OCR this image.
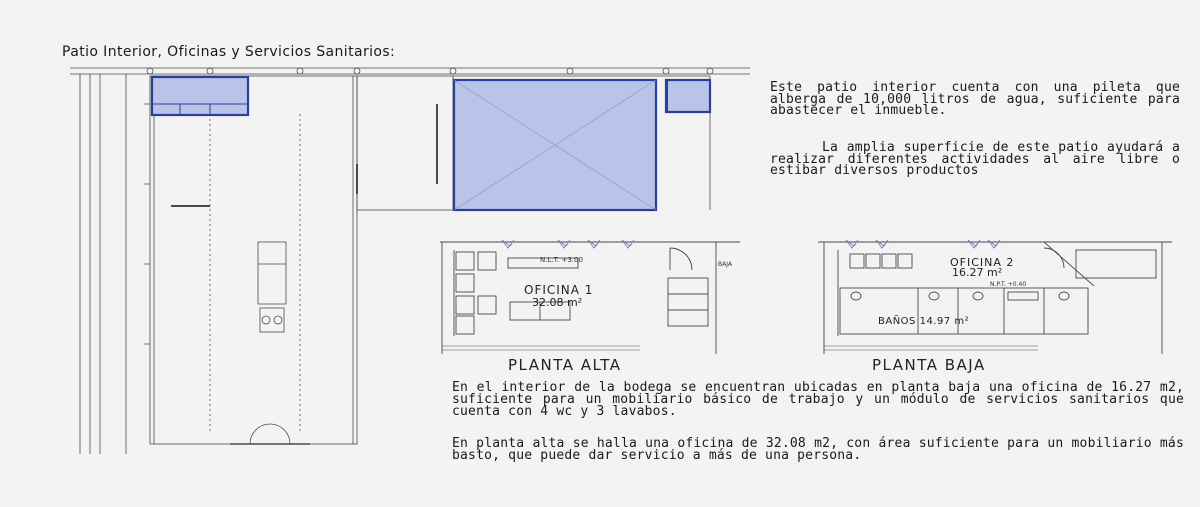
Patio Interior, Oficinas y Servicios Sanitarios:
Este patio interior cuenta con una pileta que alberga de 10,000 litros de agua, suficiente para abastecer el inmueble.
La amplia superficie de este patio ayudará a realizar diferentes actividades al aire libre o estibar diversos productos
N.L.T. +3.00
BAJA
OFICINA 1
32.08 m²
PLANTA ALTA
OFICINA 2
16.27 m²
N.P.T. +0.40
BAÑOS 14.97 m²
PLANTA BAJA
En el interior de la bodega se encuentran ubicadas en planta baja una oficina de 16.27 m2, suficiente para un mobiliario básico de trabajo y un módulo de servicios sanitarios que cuenta con 4 wc y 3 lavabos.
En planta alta se halla una oficina de 32.08 m2, con área suficiente para un mobiliario más basto, que puede dar servicio a más de una persona.
